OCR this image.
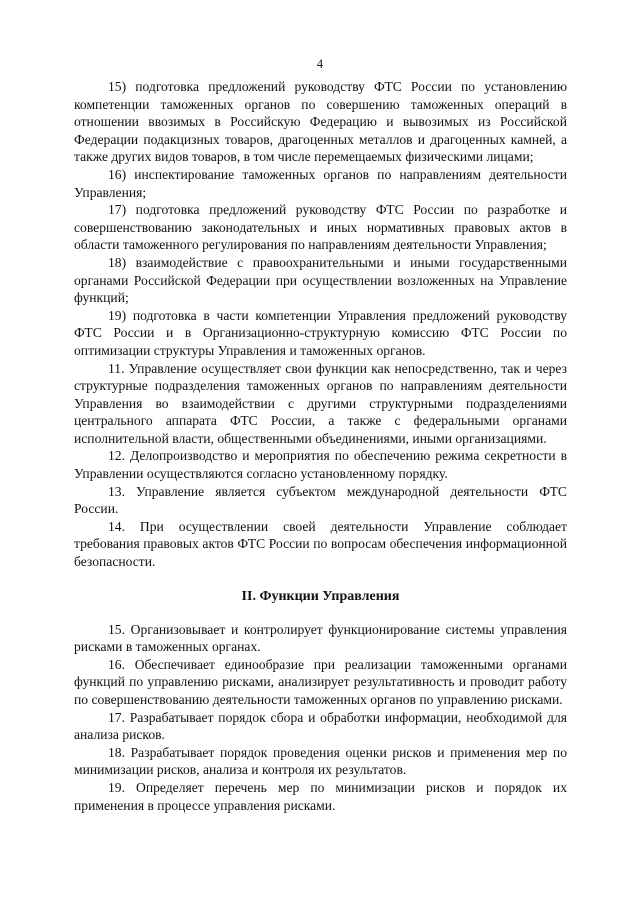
4

15) подготовка предложений руководству ФТС России по установлению компетенции таможенных органов по совершению таможенных операций в отношении ввозимых в Российскую Федерацию и вывозимых из Российской Федерации подакцизных товаров, драгоценных металлов и драгоценных камней, а также других видов товаров, в том числе перемещаемых физическими лицами;

16) инспектирование таможенных органов по направлениям деятельности Управления;

17) подготовка предложений руководству ФТС России по разработке и совершенствованию законодательных и иных нормативных правовых актов в области таможенного регулирования по направлениям деятельности Управления;

18) взаимодействие с правоохранительными и иными государственными органами Российской Федерации при осуществлении возложенных на Управление функций;

19) подготовка в части компетенции Управления предложений руководству ФТС России и в Организационно-структурную комиссию ФТС России по оптимизации структуры Управления и таможенных органов.

11. Управление осуществляет свои функции как непосредственно, так и через структурные подразделения таможенных органов по направлениям деятельности Управления во взаимодействии с другими структурными подразделениями центрального аппарата ФТС России, а также с федеральными органами исполнительной власти, общественными объединениями, иными организациями.

12. Делопроизводство и мероприятия по обеспечению режима секретности в Управлении осуществляются согласно установленному порядку.

13. Управление является субъектом международной деятельности ФТС России.

14. При осуществлении своей деятельности Управление соблюдает требования правовых актов ФТС России по вопросам обеспечения информационной безопасности.

II. Функции Управления

15. Организовывает и контролирует функционирование системы управления рисками в таможенных органах.

16. Обеспечивает единообразие при реализации таможенными органами функций по управлению рисками, анализирует результативность и проводит работу по совершенствованию деятельности таможенных органов по управлению рисками.

17. Разрабатывает порядок сбора и обработки информации, необходимой для анализа рисков.

18. Разрабатывает порядок проведения оценки рисков и применения мер по минимизации рисков, анализа и контроля их результатов.

19. Определяет перечень мер по минимизации рисков и порядок их применения в процессе управления рисками.
